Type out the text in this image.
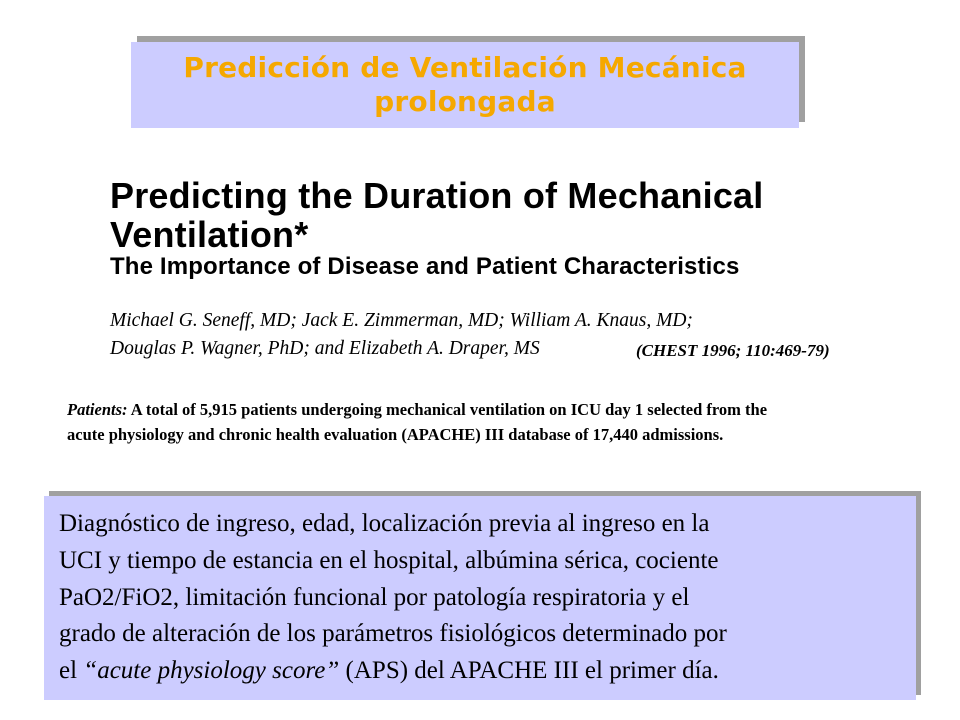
Predicción de Ventilación Mecánica
prolongada
Predicting the Duration of Mechanical
Ventilation*
The Importance of Disease and Patient Characteristics
Michael G. Seneff, MD; Jack E. Zimmerman, MD; William A. Knaus, MD;
Douglas P. Wagner, PhD; and Elizabeth A. Draper, MS	(CHEST 1996; 110:469-79)
Patients: A total of 5,915 patients undergoing mechanical ventilation on ICU day 1 selected from the
acute physiology and chronic health evaluation (APACHE) III database of 17,440 admissions.
Diagnóstico de ingreso, edad, localización previa al ingreso en la
UCI y tiempo de estancia en el hospital, albúmina sérica, cociente
PaO2/FiO2, limitación funcional por patología respiratoria y el
grado de alteración de los parámetros fisiológicos determinado por
el “acute physiology score” (APS) del APACHE III el primer día.
